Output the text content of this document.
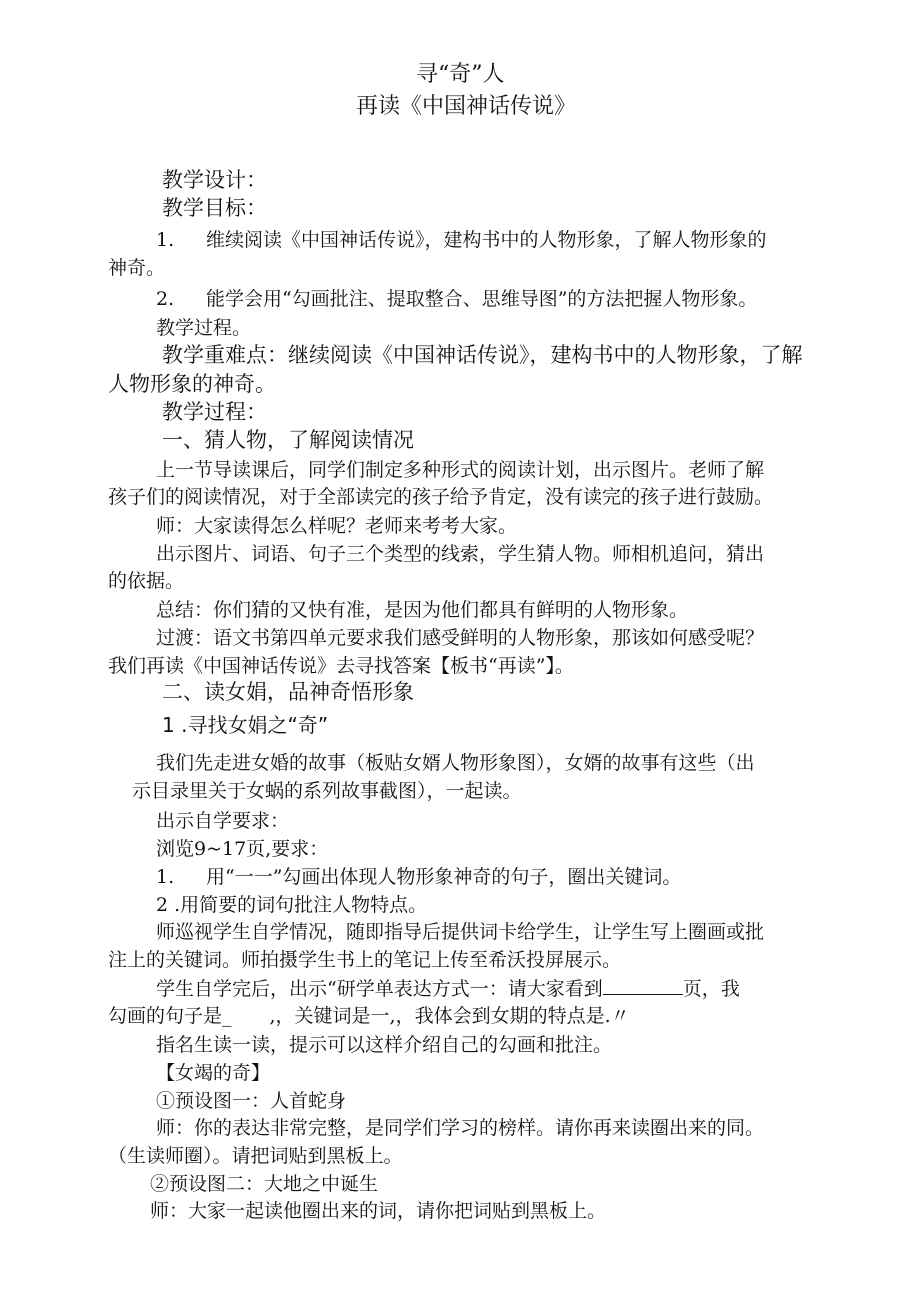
寻“奇”人
再读《中国神话传说》
教学设计：
教学目标：
1. 维续阅读《中国神话传说》，建构书中的人物形象，了解人物形象的
神奇。
2. 能学会用“勾画批注、提取整合、思维导图”的方法把握人物形象。
教学过程。
教学重难点：继续阅读《中国神话传说》，建构书中的人物形象，了解
人物形象的神奇。
教学过程：
一、猜人物，了解阅读情况
上一节导读课后，同学们制定多种形式的阅读计划，出示图片。老师了解
孩子们的阅读情况，对于全部读完的孩子给予肯定，没有读完的孩子进行鼓励。
师：大家读得怎么样呢？老师来考考大家。
出示图片、词语、句子三个类型的线索，学生猜人物。师相机追问，猜出
的依据。
总结：你们猜的又快有准，是因为他们都具有鲜明的人物形象。
过渡：语文书第四单元要求我们感受鲜明的人物形象，那该如何感受呢？
我们再读《中国神话传说》去寻找答案【板书“再读”】。
二、读女娟，品神奇悟形象
1 .寻找女娟之“奇”
我们先走进女婚的故事（板贴女婿人物形象图），女婿的故事有这些（出
示目录里关于女蜗的系列故事截图），一起读。
出示自学要求：
浏览9~17页,要求：
1. 用“一一”勾画出体现人物形象神奇的句子，圈出关键词。
2 .用简要的词句批注人物特点。
师巡视学生自学情况，随即指导后提供词卡给学生，让学生写上圈画或批
注上的关键词。师拍摄学生书上的笔记上传至希沃投屏展示。
学生自学完后，出示“研学单表达方式一：请大家看到	页，我
勾画的句子是_ ,，关键词是一,，我体会到女期的特点是.〃
指名生读一读，提示可以这样介绍自己的勾画和批注。
【女竭的奇】
①预设图一：人首蛇身
师：你的表达非常完整，是同学们学习的榜样。请你再来读圈出来的同。
（生读师圈）。请把词贴到黑板上。
②预设图二：大地之中诞生
师：大家一起读他圈出来的词，请你把词贴到黑板上。
